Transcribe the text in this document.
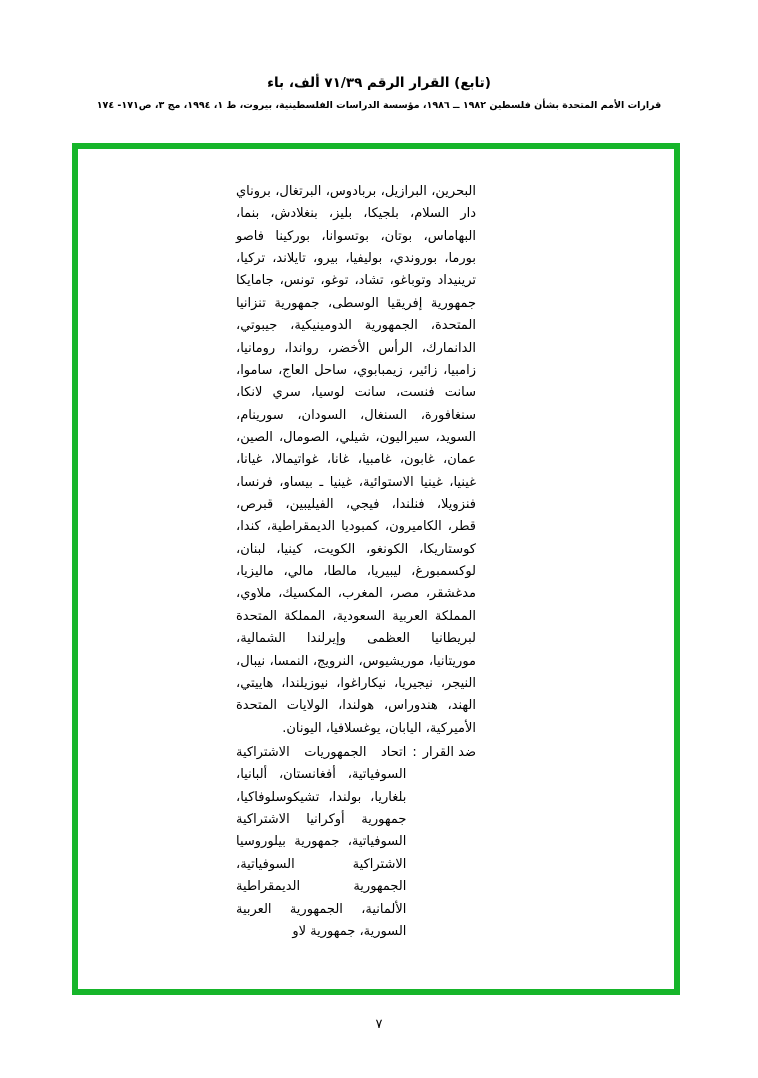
(تابع) القرار الرقم ٧١/٣٩ ألف، باء
قرارات الأمم المتحدة بشأن فلسطين ١٩٨٢ ــ ١٩٨٦، مؤسسة الدراسات الفلسطينية، بيروت، ط ١، ١٩٩٤، مج ٣، ص١٧١- ١٧٤

البحرين، البرازيل، بربادوس، البرتغال، بروناي دار السلام، بلجيكا، بليز، بنغلادش، بنما، البهاماس، بوتان، بوتسوانا، بوركينا فاصو بورما، بوروندي، بوليفيا، بيرو، تايلاند، تركيا، ترينيداد وتوباغو، تشاد، توغو، تونس، جامايكا جمهورية إفريقيا الوسطى، جمهورية تنزانيا المتحدة، الجمهورية الدومينيكية، جيبوتي، الدانمارك، الرأس الأخضر، رواندا، رومانيا، زامبيا، زائير، زيمبابوي، ساحل العاج، ساموا، سانت فنست، سانت لوسيا، سري لانكا، سنغافورة، السنغال، السودان، سورينام، السويد، سيراليون، شيلي، الصومال، الصين، عمان، غابون، غامبيا، غانا، غواتيمالا، غيانا، غينيا، غينيا الاستوائية، غينيا ـ بيساو، فرنسا، فنزويلا، فنلندا، فيجي، الفيليبين، قبرص، قطر، الكاميرون، كمبوديا الديمقراطية، كندا، كوستاريكا، الكونغو، الكويت، كينيا، لبنان، لوكسمبورغ، ليبيريا، مالطا، مالي، ماليزيا، مدغشقر، مصر، المغرب، المكسيك، ملاوي، المملكة العربية السعودية، المملكة المتحدة لبريطانيا العظمى وإيرلندا الشمالية، موريتانيا، موريشيوس، النرويج، النمسا، نيبال، النيجر، نيجيريا، نيكاراغوا، نيوزيلندا، هاييتي، الهند، هندوراس، هولندا، الولايات المتحدة الأميركية، اليابان، يوغسلافيا، اليونان.

ضد القرار
:
اتحاد الجمهوريات الاشتراكية السوفياتية، أفغانستان، ألبانيا، بلغاريا، بولندا، تشيكوسلوفاكيا، جمهورية أوكرانيا الاشتراكية السوفياتية، جمهورية بيلوروسيا الاشتراكية السوفياتية، الجمهورية الديمقراطية الألمانية، الجمهورية العربية السورية، جمهورية لاو
٧
